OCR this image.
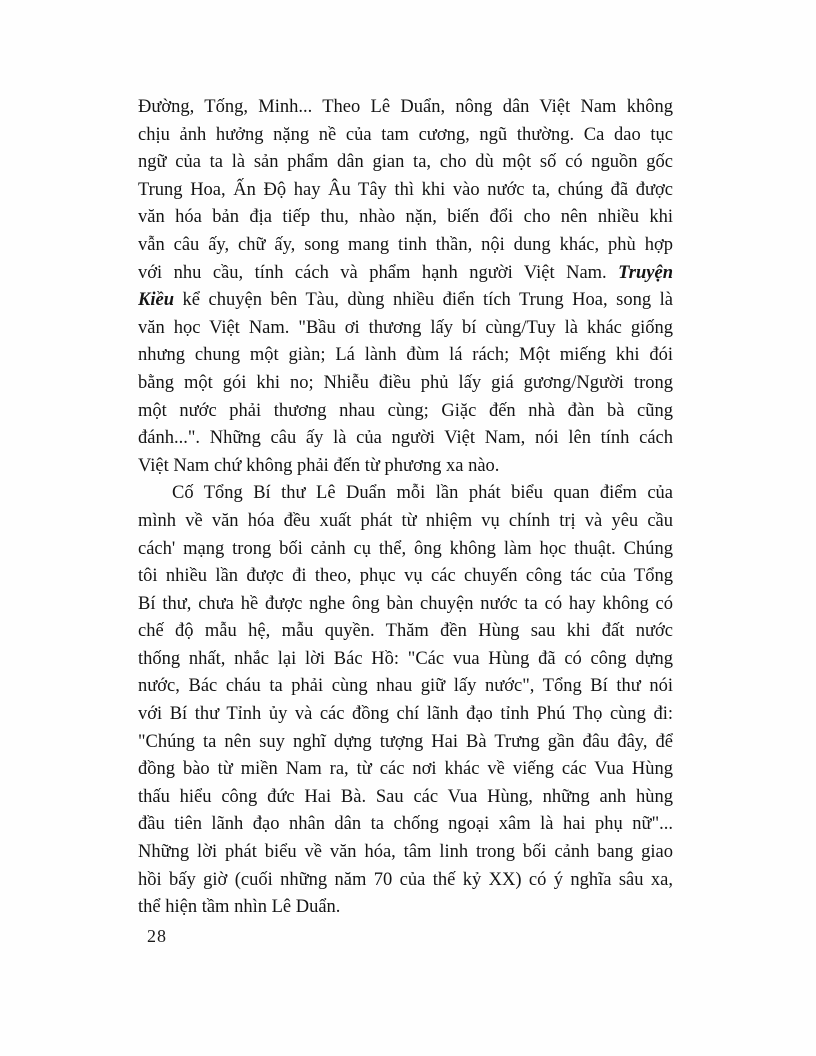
Đường, Tống, Minh... Theo Lê Duẩn, nông dân Việt Nam không
chịu ảnh hưởng nặng nề của tam cương, ngũ thường. Ca dao tục
ngữ của ta là sản phẩm dân gian ta, cho dù một số có nguồn gốc
Trung Hoa, Ấn Độ hay Âu Tây thì khi vào nước ta, chúng đã được
văn hóa bản địa tiếp thu, nhào nặn, biến đổi cho nên nhiều khi
vẫn câu ấy, chữ ấy, song mang tinh thần, nội dung khác, phù hợp
với nhu cầu, tính cách và phẩm hạnh người Việt Nam. Truyện
Kiều kể chuyện bên Tàu, dùng nhiều điển tích Trung Hoa, song là
văn học Việt Nam. "Bầu ơi thương lấy bí cùng/Tuy là khác giống
nhưng chung một giàn; Lá lành đùm lá rách; Một miếng khi đói
bằng một gói khi no; Nhiễu điều phủ lấy giá gương/Người trong
một nước phải thương nhau cùng; Giặc đến nhà đàn bà cũng
đánh...". Những câu ấy là của người Việt Nam, nói lên tính cách
Việt Nam chứ không phải đến từ phương xa nào.
Cố Tổng Bí thư Lê Duẩn mỗi lần phát biểu quan điểm của
mình về văn hóa đều xuất phát từ nhiệm vụ chính trị và yêu cầu
cách' mạng trong bối cảnh cụ thể, ông không làm học thuật. Chúng
tôi nhiều lần được đi theo, phục vụ các chuyến công tác của Tổng
Bí thư, chưa hề được nghe ông bàn chuyện nước ta có hay không có
chế độ mẫu hệ, mẫu quyền. Thăm đền Hùng sau khi đất nước
thống nhất, nhắc lại lời Bác Hồ: "Các vua Hùng đã có công dựng
nước, Bác cháu ta phải cùng nhau giữ lấy nước", Tổng Bí thư nói
với Bí thư Tỉnh ủy và các đồng chí lãnh đạo tỉnh Phú Thọ cùng đi:
"Chúng ta nên suy nghĩ dựng tượng Hai Bà Trưng gần đâu đây, để
đồng bào từ miền Nam ra, từ các nơi khác về viếng các Vua Hùng
thấu hiểu công đức Hai Bà. Sau các Vua Hùng, những anh hùng
đầu tiên lãnh đạo nhân dân ta chống ngoại xâm là hai phụ nữ"...
Những lời phát biểu về văn hóa, tâm linh trong bối cảnh bang giao
hồi bấy giờ (cuối những năm 70 của thế kỷ XX) có ý nghĩa sâu xa,
thể hiện tầm nhìn Lê Duẩn.
28
